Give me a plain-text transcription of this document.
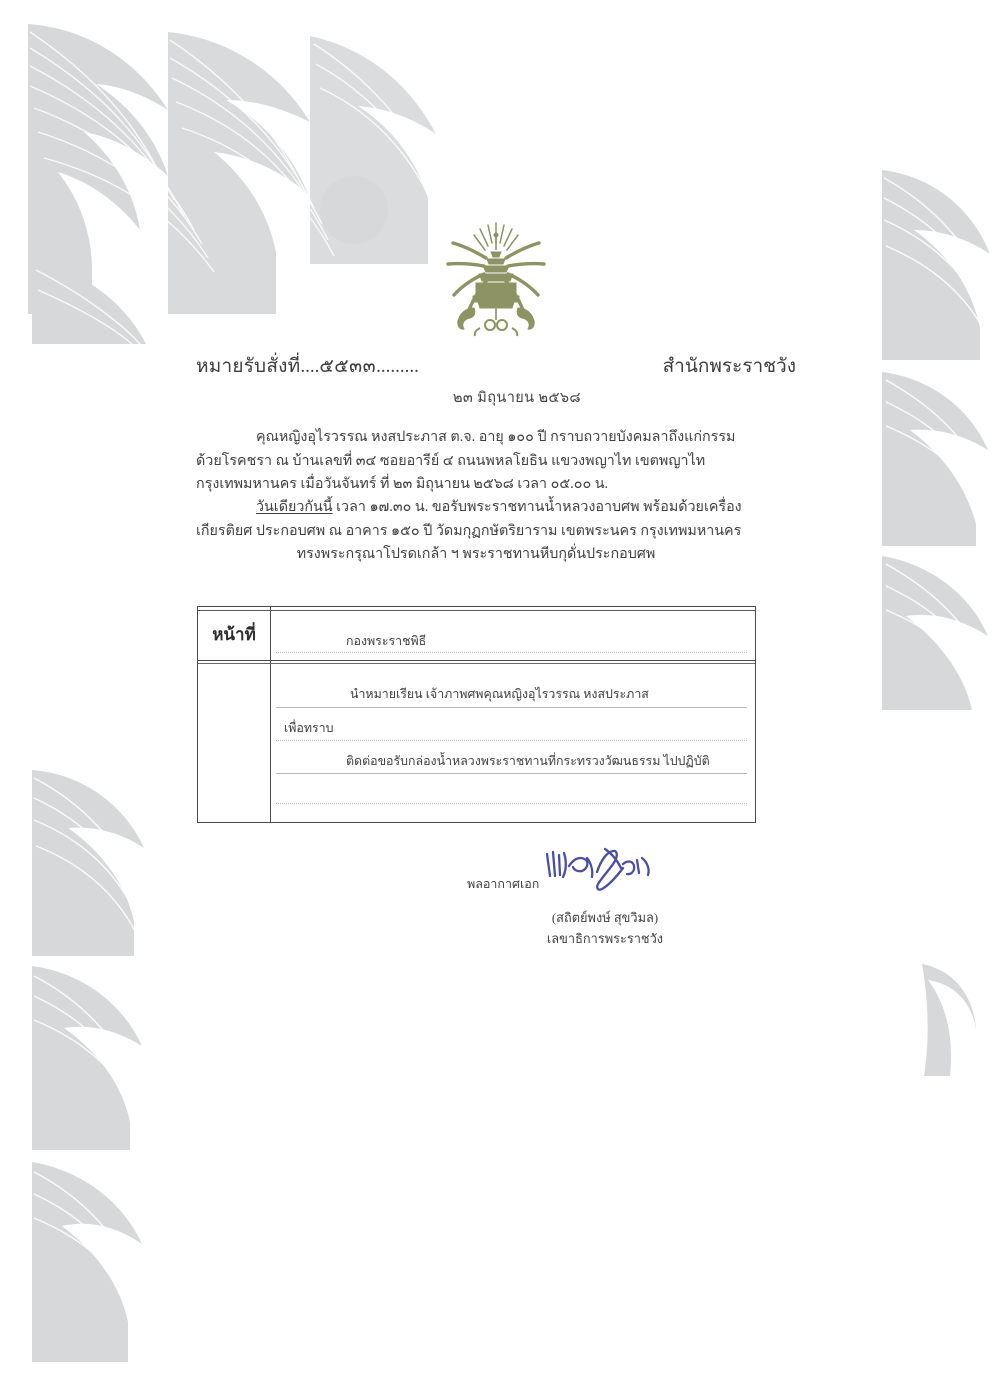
หมายรับสั่งที่....๕๕๓๓.........	สำนักพระราชวัง
๒๓ มิถุนายน ๒๕๖๘
คุณหญิงอุไรวรรณ หงสประภาส ต.จ. อายุ ๑๐๐ ปี กราบถวายบังคมลาถึงแก่กรรมด้วยโรคชรา ณ บ้านเลขที่ ๓๔ ซอยอารีย์ ๔ ถนนพหลโยธิน แขวงพญาไท เขตพญาไท กรุงเทพมหานคร เมื่อวันจันทร์ ที่ ๒๓ มิถุนายน ๒๕๖๘ เวลา ๐๕.๐๐ น.
วันเดียวกันนี้ เวลา ๑๗.๓๐ น. ขอรับพระราชทานน้ำหลวงอาบศพ พร้อมด้วยเครื่องเกียรติยศ ประกอบศพ ณ อาคาร ๑๕๐ ปี วัดมกุฏกษัตริยาราม เขตพระนคร กรุงเทพมหานคร
ทรงพระกรุณาโปรดเกล้า ฯ พระราชทานหีบกุดั่นประกอบศพ
หน้าที่	กองพระราชพิธี
นำหมายเรียน เจ้าภาพศพคุณหญิงอุไรวรรณ หงสประภาส
เพื่อทราบ
ติดต่อขอรับกล่องน้ำหลวงพระราชทานที่กระทรวงวัฒนธรรม ไปปฏิบัติ
พลอากาศเอก
(สถิตย์พงษ์ สุขวิมล)
เลขาธิการพระราชวัง
